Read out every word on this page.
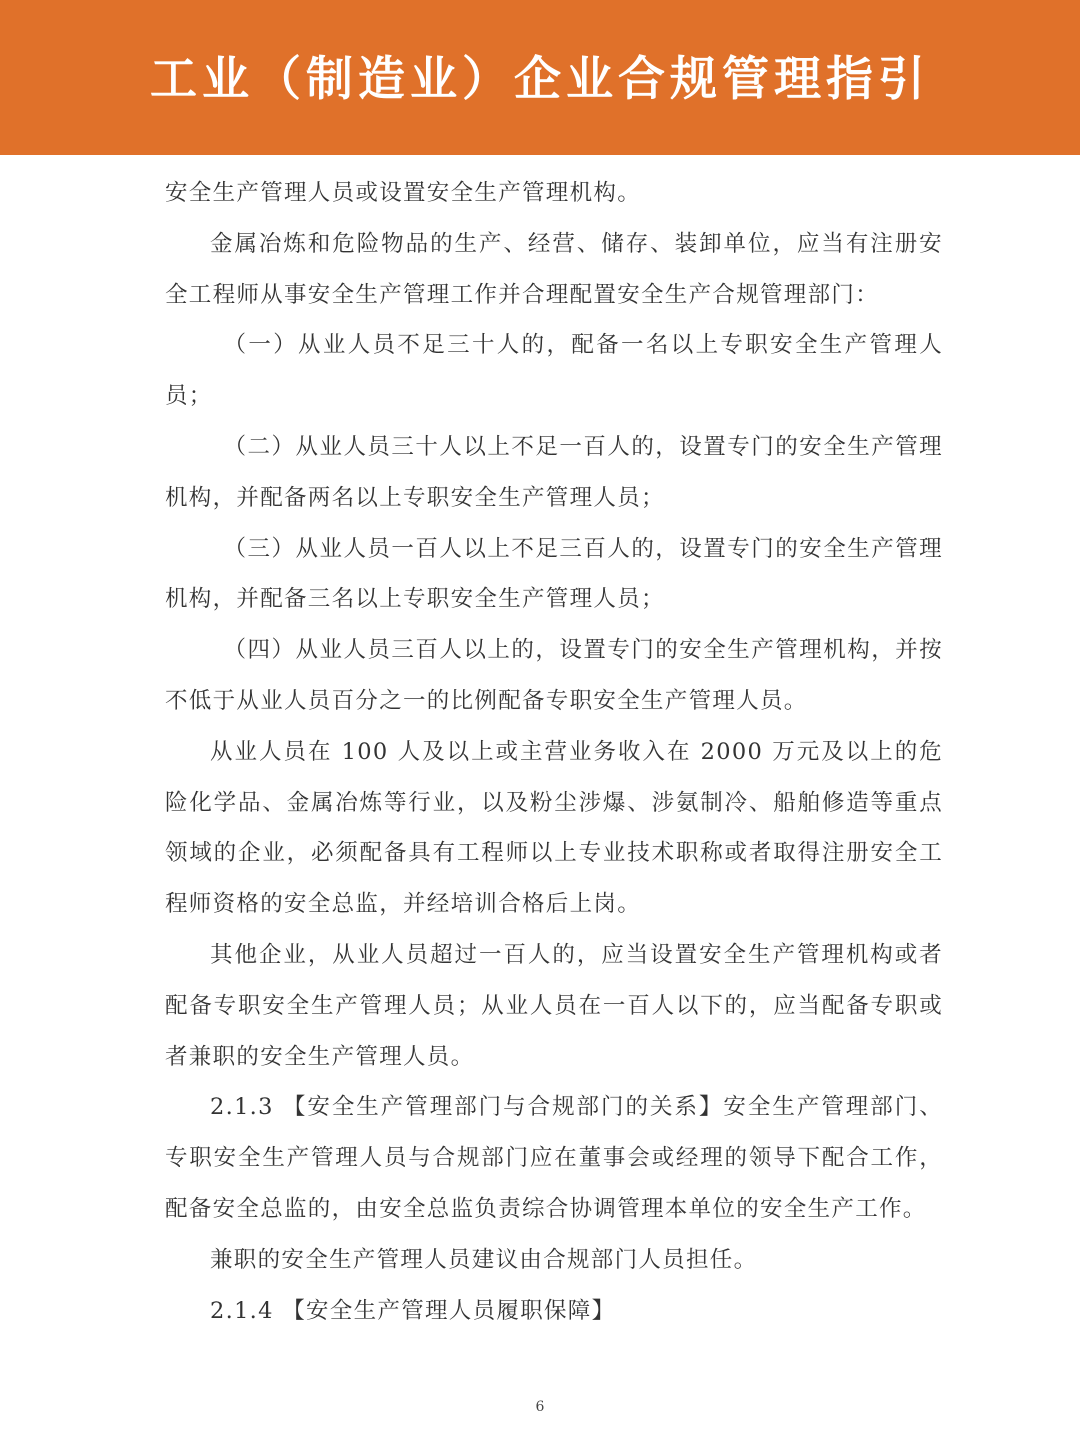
工业（制造业）企业合规管理指引

安全生产管理人员或设置安全生产管理机构。

金属冶炼和危险物品的生产、经营、储存、装卸单位，应当有注册安全工程师从事安全生产管理工作并合理配置安全生产合规管理部门：

（一）从业人员不足三十人的，配备一名以上专职安全生产管理人员；

（二）从业人员三十人以上不足一百人的，设置专门的安全生产管理机构，并配备两名以上专职安全生产管理人员；

（三）从业人员一百人以上不足三百人的，设置专门的安全生产管理机构，并配备三名以上专职安全生产管理人员；

（四）从业人员三百人以上的，设置专门的安全生产管理机构，并按不低于从业人员百分之一的比例配备专职安全生产管理人员。

从业人员在 100 人及以上或主营业务收入在 2000 万元及以上的危险化学品、金属冶炼等行业，以及粉尘涉爆、涉氨制冷、船舶修造等重点领域的企业，必须配备具有工程师以上专业技术职称或者取得注册安全工程师资格的安全总监，并经培训合格后上岗。

其他企业，从业人员超过一百人的，应当设置安全生产管理机构或者配备专职安全生产管理人员；从业人员在一百人以下的，应当配备专职或者兼职的安全生产管理人员。

2.1.3 【安全生产管理部门与合规部门的关系】安全生产管理部门、专职安全生产管理人员与合规部门应在董事会或经理的领导下配合工作，配备安全总监的，由安全总监负责综合协调管理本单位的安全生产工作。

兼职的安全生产管理人员建议由合规部门人员担任。

2.1.4 【安全生产管理人员履职保障】

6
